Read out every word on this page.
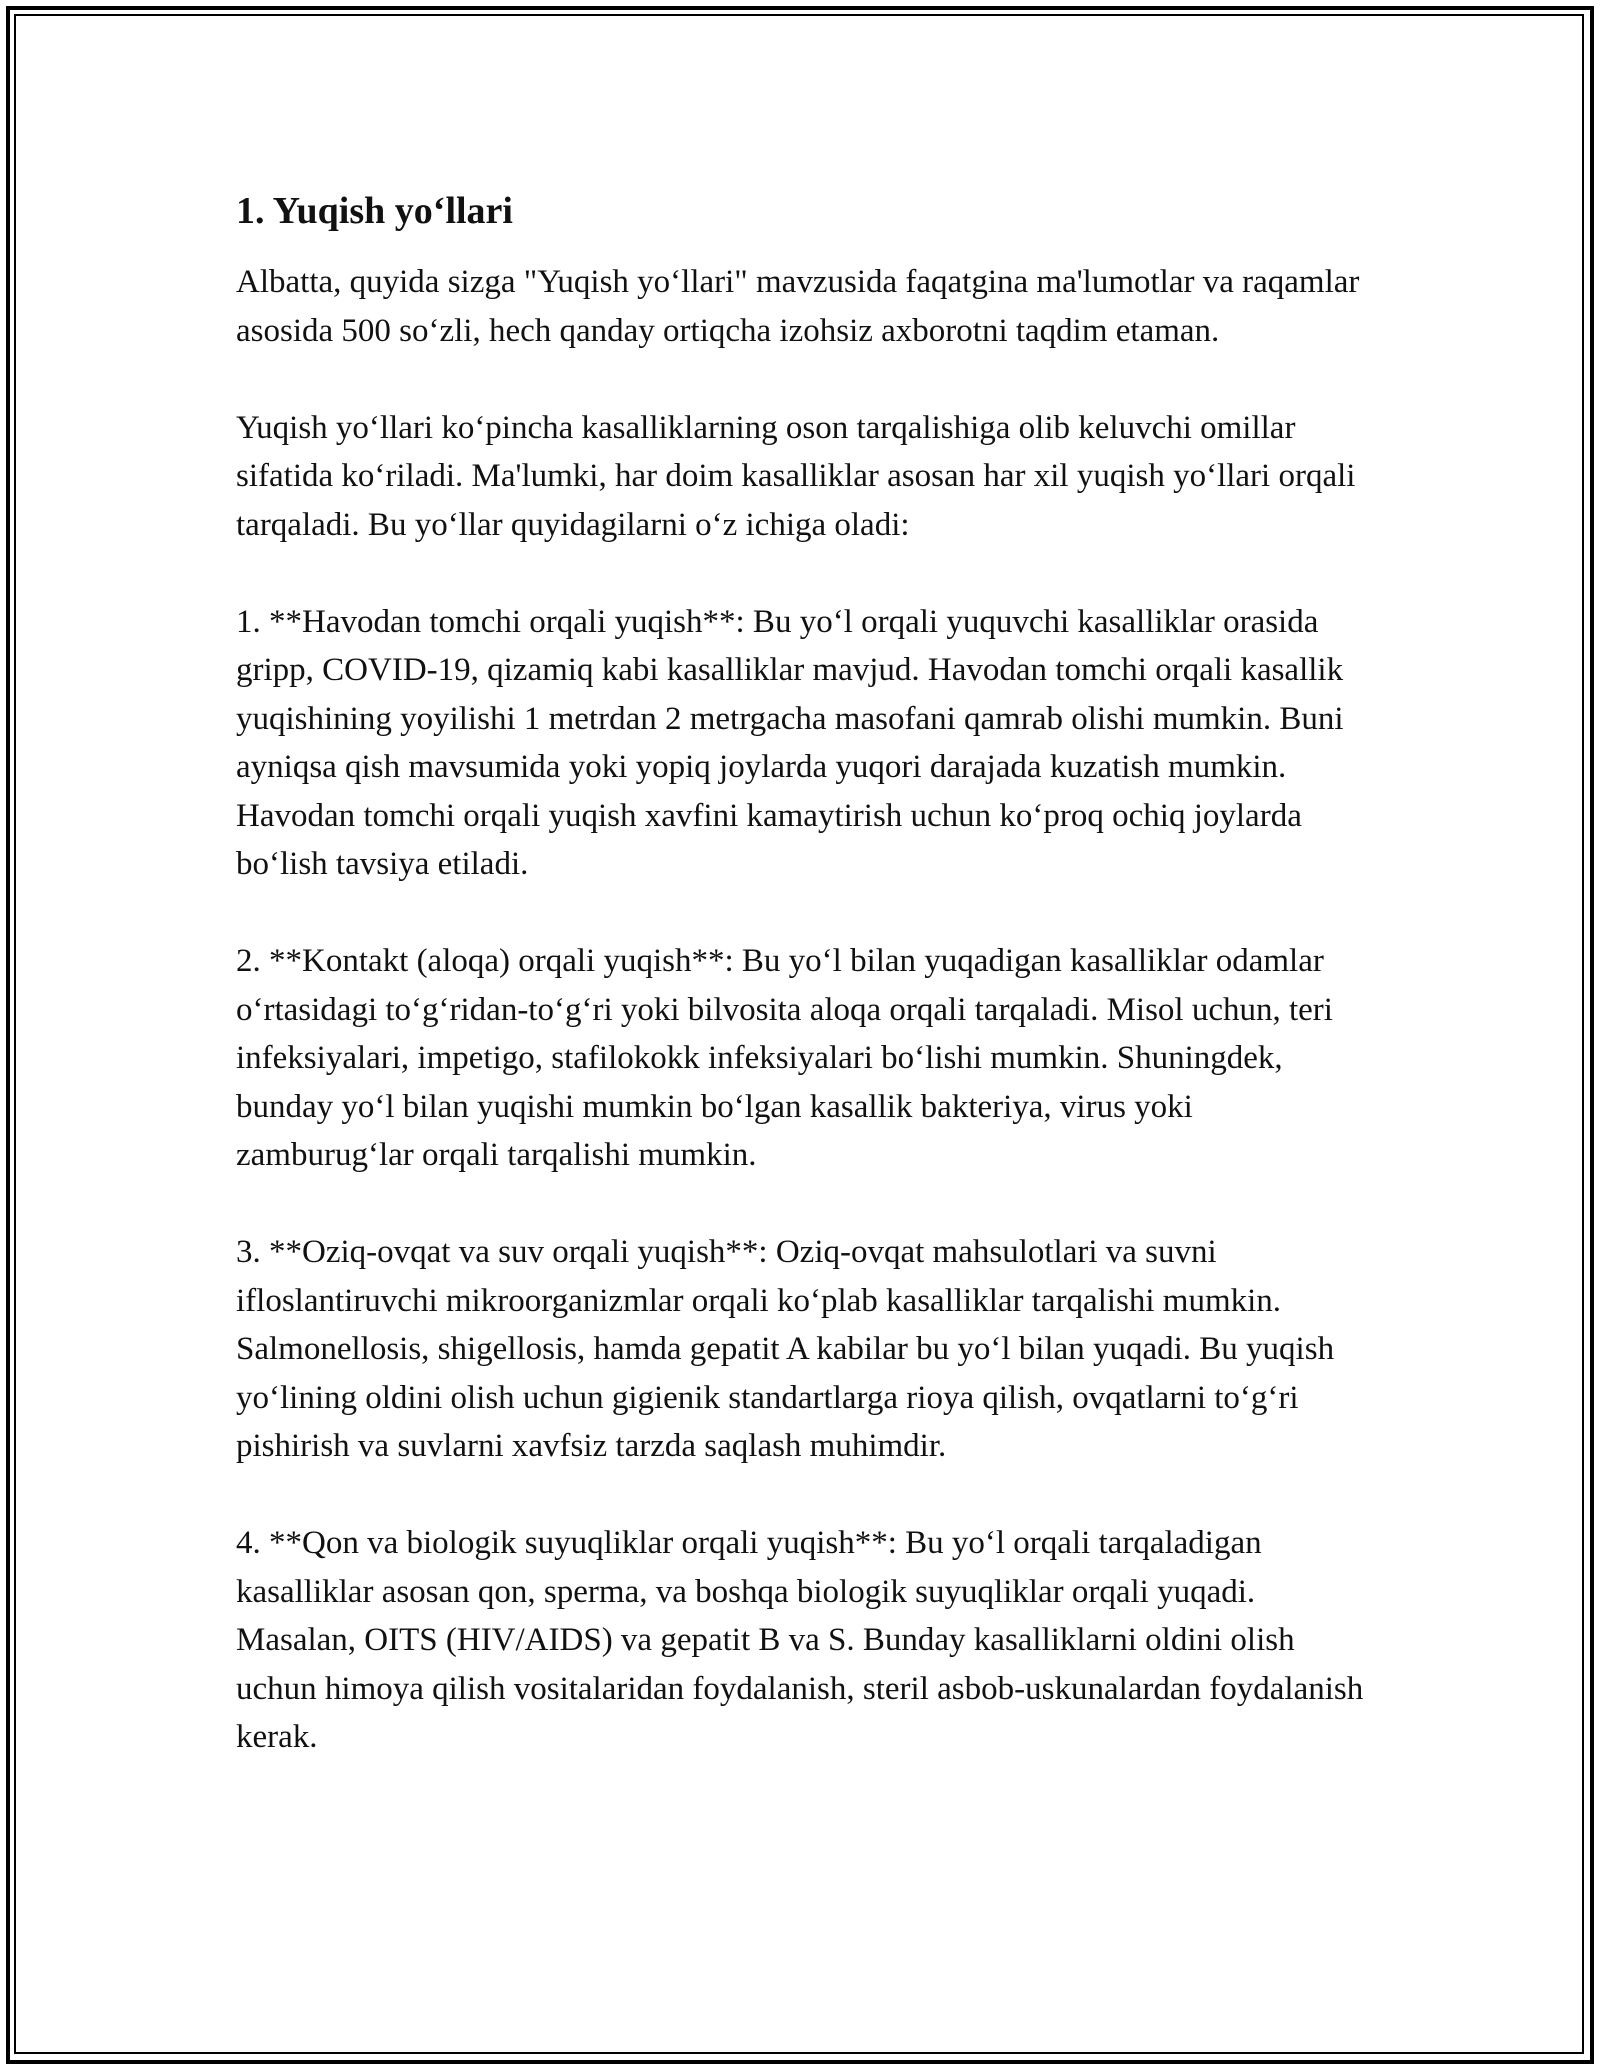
1. Yuqish yo‘llari

Albatta, quyida sizga "Yuqish yo‘llari" mavzusida faqatgina ma'lumotlar va raqamlar asosida 500 so‘zli, hech qanday ortiqcha izohsiz axborotni taqdim etaman.

Yuqish yo‘llari ko‘pincha kasalliklarning oson tarqalishiga olib keluvchi omillar sifatida ko‘riladi. Ma'lumki, har doim kasalliklar asosan har xil yuqish yo‘llari orqali tarqaladi. Bu yo‘llar quyidagilarni o‘z ichiga oladi:

1. **Havodan tomchi orqali yuqish**: Bu yo‘l orqali yuquvchi kasalliklar orasida gripp, COVID-19, qizamiq kabi kasalliklar mavjud. Havodan tomchi orqali kasallik yuqishining yoyilishi 1 metrdan 2 metrgacha masofani qamrab olishi mumkin. Buni ayniqsa qish mavsumida yoki yopiq joylarda yuqori darajada kuzatish mumkin. Havodan tomchi orqali yuqish xavfini kamaytirish uchun ko‘proq ochiq joylarda bo‘lish tavsiya etiladi.

2. **Kontakt (aloqa) orqali yuqish**: Bu yo‘l bilan yuqadigan kasalliklar odamlar o‘rtasidagi to‘g‘ridan-to‘g‘ri yoki bilvosita aloqa orqali tarqaladi. Misol uchun, teri infeksiyalari, impetigo, stafilokokk infeksiyalari bo‘lishi mumkin. Shuningdek, bunday yo‘l bilan yuqishi mumkin bo‘lgan kasallik bakteriya, virus yoki zamburug‘lar orqali tarqalishi mumkin.

3. **Oziq-ovqat va suv orqali yuqish**: Oziq-ovqat mahsulotlari va suvni ifloslantiruvchi mikroorganizmlar orqali ko‘plab kasalliklar tarqalishi mumkin. Salmonellosis, shigellosis, hamda gepatit A kabilar bu yo‘l bilan yuqadi. Bu yuqish yo‘lining oldini olish uchun gigienik standartlarga rioya qilish, ovqatlarni to‘g‘ri pishirish va suvlarni xavfsiz tarzda saqlash muhimdir.

4. **Qon va biologik suyuqliklar orqali yuqish**: Bu yo‘l orqali tarqaladigan kasalliklar asosan qon, sperma, va boshqa biologik suyuqliklar orqali yuqadi. Masalan, OITS (HIV/AIDS) va gepatit B va S. Bunday kasalliklarni oldini olish uchun himoya qilish vositalaridan foydalanish, steril asbob-uskunalardan foydalanish kerak.
